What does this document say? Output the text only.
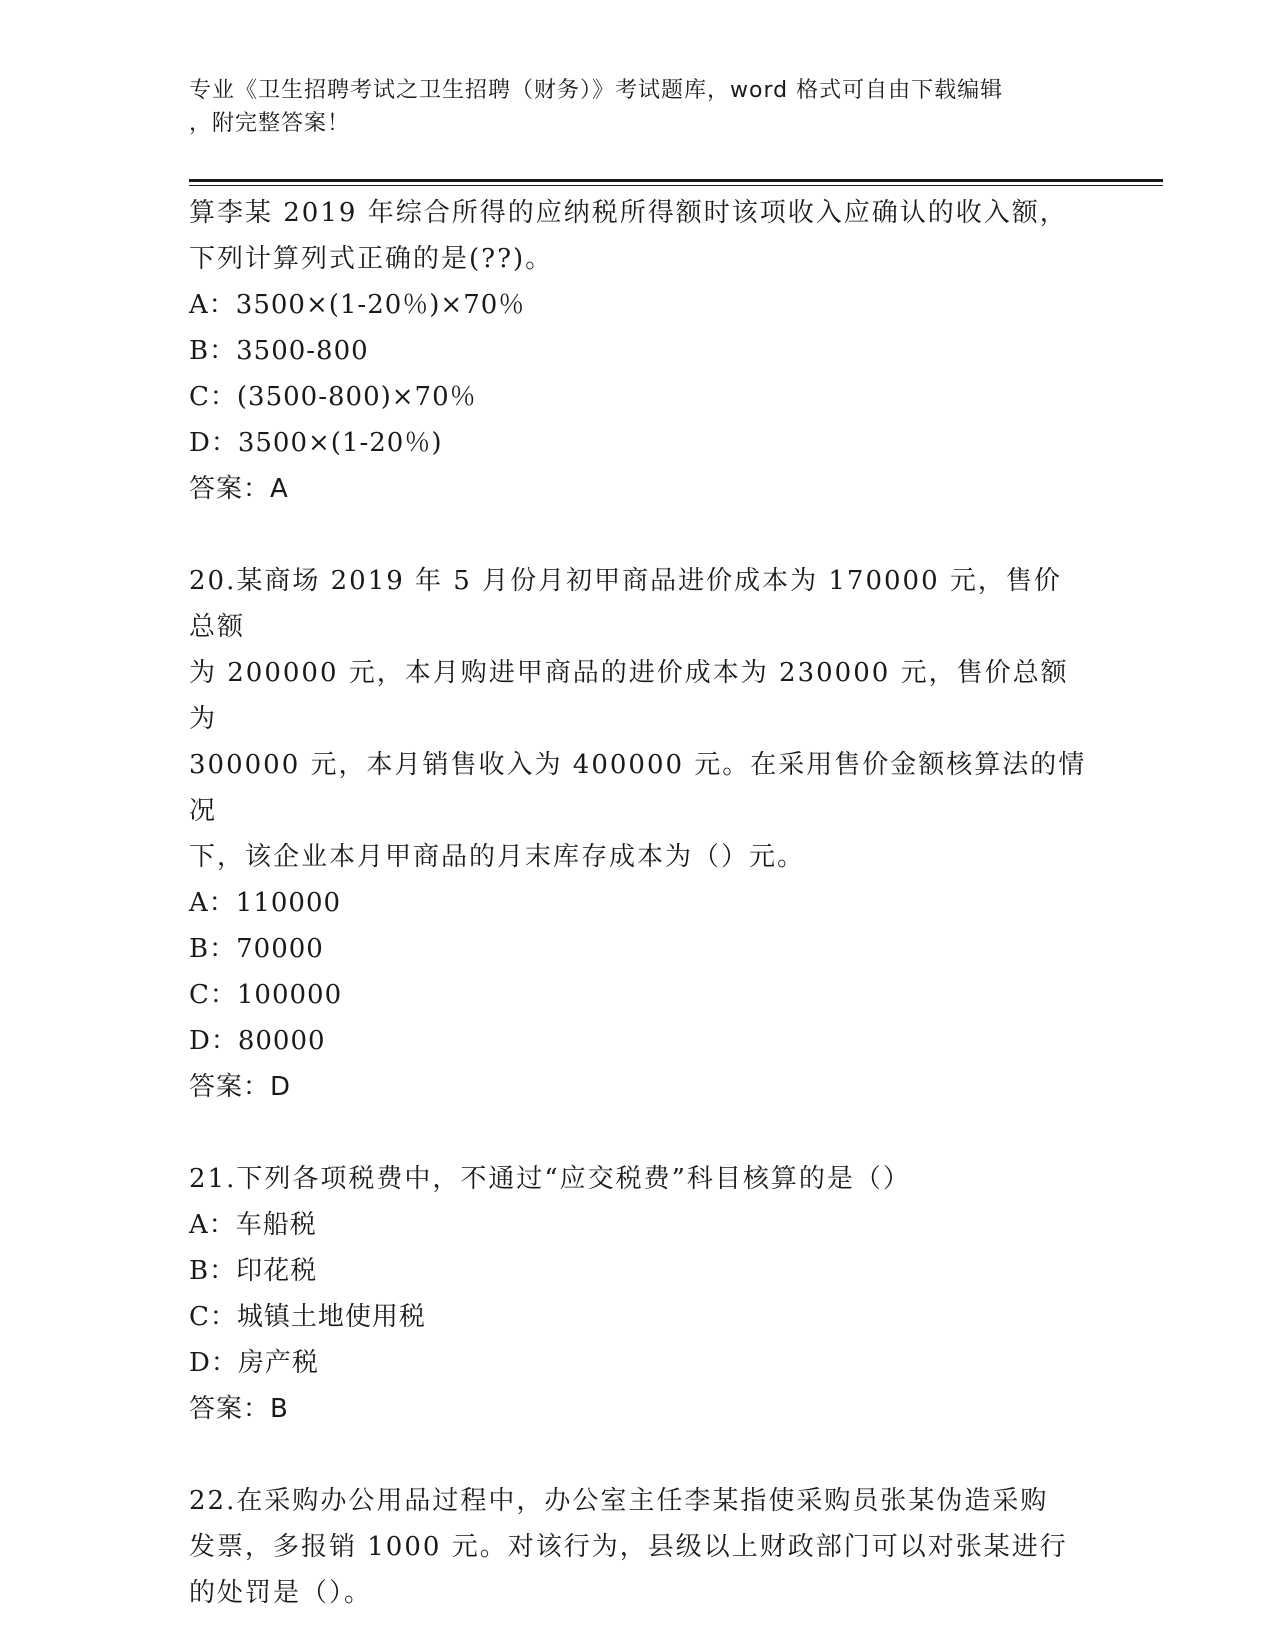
专业《卫生招聘考试之卫生招聘（财务）》考试题库，word 格式可自由下载编辑
，附完整答案！

算李某 2019 年综合所得的应纳税所得额时该项收入应确认的收入额，

下列计算列式正确的是(??)。

A：3500×(1-20％)×70％

B：3500-800

C：(3500-800)×70％

D：3500×(1-20％)

答案：A

20.某商场 2019 年 5 月份月初甲商品进价成本为 170000 元，售价总额

为 200000 元，本月购进甲商品的进价成本为 230000 元，售价总额为

300000 元，本月销售收入为 400000 元。在采用售价金额核算法的情况

下，该企业本月甲商品的月末库存成本为（）元。

A：110000

B：70000

C：100000

D：80000

答案：D

21.下列各项税费中，不通过“应交税费”科目核算的是（）

A：车船税

B：印花税

C：城镇土地使用税

D：房产税

答案：B

22.在采购办公用品过程中，办公室主任李某指使采购员张某伪造采购

发票，多报销 1000 元。对该行为，县级以上财政部门可以对张某进行

的处罚是（）。
